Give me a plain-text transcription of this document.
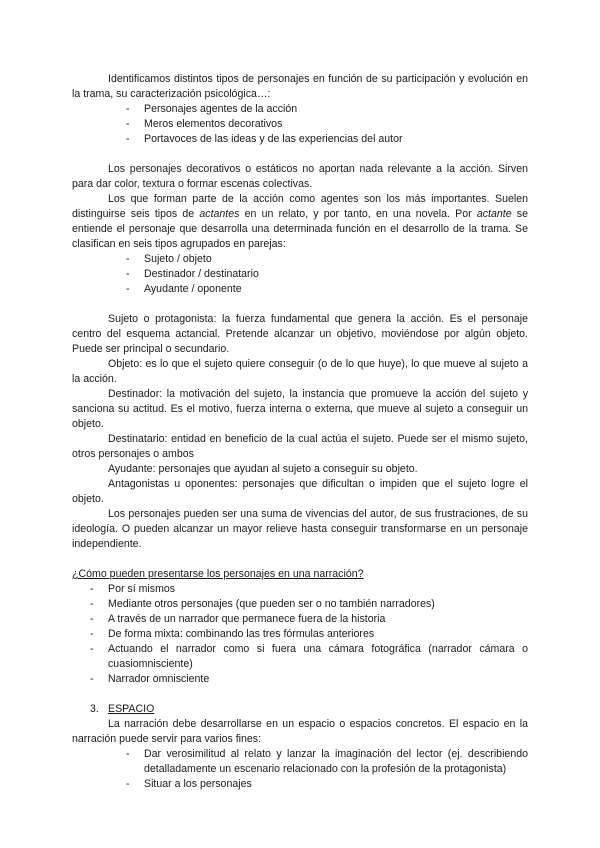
Identificamos distintos tipos de personajes en función de su participación y evolución en la trama, su caracterización psicológica…:

- Personajes agentes de la acción
- Meros elementos decorativos
- Portavoces de las ideas y de las experiencias del autor

Los personajes decorativos o estáticos no aportan nada relevante a la acción. Sirven para dar color, textura o formar escenas colectivas.

Los que forman parte de la acción como agentes son los más importantes. Suelen distinguirse seis tipos de actantes en un relato, y por tanto, en una novela. Por actante se entiende el personaje que desarrolla una determinada función en el desarrollo de la trama. Se clasifican en seis tipos agrupados en parejas:

- Sujeto / objeto
- Destinador / destinatario
- Ayudante / oponente

Sujeto o protagonista: la fuerza fundamental que genera la acción. Es el personaje centro del esquema actancial. Pretende alcanzar un objetivo, moviéndose por algún objeto. Puede ser principal o secundario.

Objeto: es lo que el sujeto quiere conseguir (o de lo que huye), lo que mueve al sujeto a la acción.

Destinador: la motivación del sujeto, la instancia que promueve la acción del sujeto y sanciona su actitud. Es el motivo, fuerza interna o externa, que mueve al sujeto a conseguir un objeto.

Destinatario: entidad en beneficio de la cual actúa el sujeto. Puede ser el mismo sujeto, otros personajes o ambos

Ayudante: personajes que ayudan al sujeto a conseguir su objeto.

Antagonistas u oponentes: personajes que dificultan o impiden que el sujeto logre el objeto.

Los personajes pueden ser una suma de vivencias del autor, de sus frustraciones, de su ideología. O pueden alcanzar un mayor relieve hasta conseguir transformarse en un personaje independiente.

¿Cómo pueden presentarse los personajes en una narración?

- Por sí mismos
- Mediante otros personajes (que pueden ser o no también narradores)
- A través de un narrador que permanece fuera de la historia
- De forma mixta: combinando las tres fórmulas anteriores
- Actuando el narrador como si fuera una cámara fotográfica (narrador cámara o cuasiomnisciente)
- Narrador omnisciente

3. ESPACIO

La narración debe desarrollarse en un espacio o espacios concretos. El espacio en la narración puede servir para varios fines:

- Dar verosimilitud al relato y lanzar la imaginación del lector (ej. describiendo detalladamente un escenario relacionado con la profesión de la protagonista)
- Situar a los personajes
